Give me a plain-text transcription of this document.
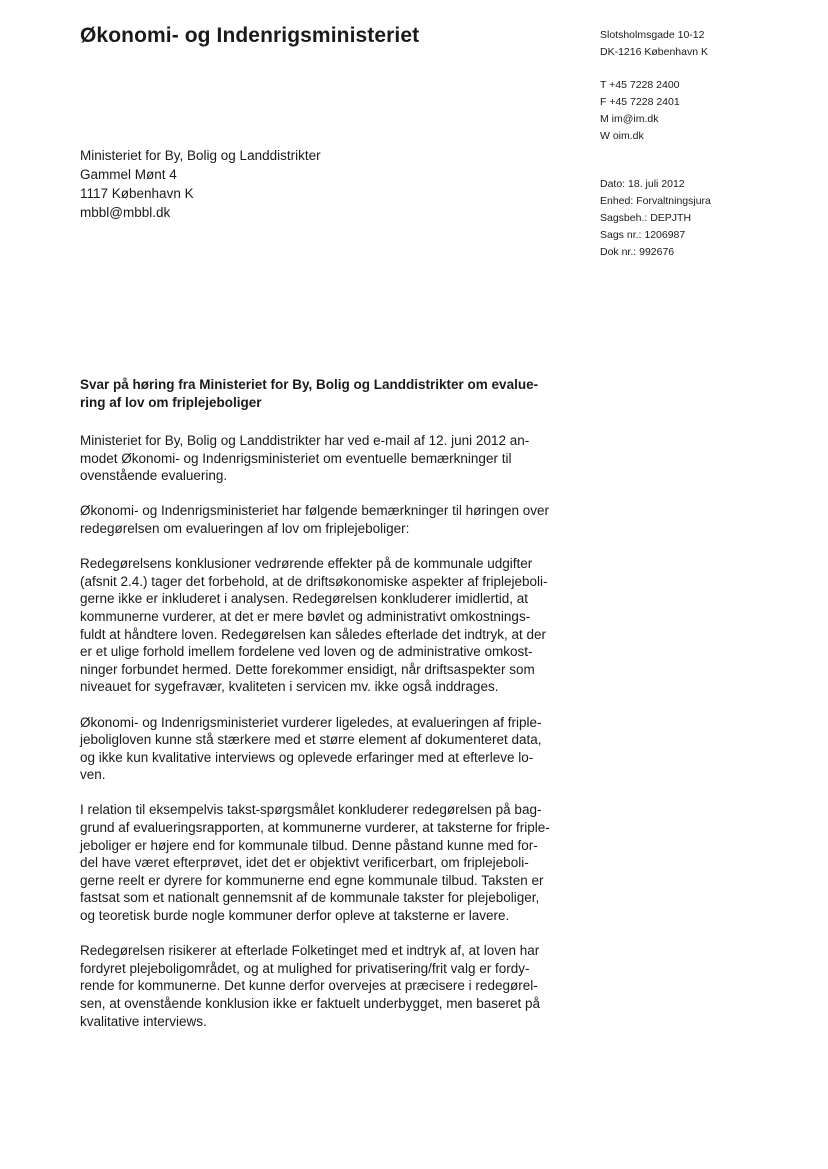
Økonomi- og Indenrigsministeriet	Slotsholmsgade 10-12
DK-1216 København K
T +45 7228 2400
F +45 7228 2401
M im@im.dk
W oim.dk
Dato: 18. juli 2012
Enhed: Forvaltningsjura
Sagsbeh.: DEPJTH
Sags nr.: 1206987
Dok nr.: 992676
Ministeriet for By, Bolig og Landdistrikter
Gammel Mønt 4
1117 København K
mbbl@mbbl.dk
Svar på høring fra Ministeriet for By, Bolig og Landdistrikter om evalue-
ring af lov om friplejeboliger
Ministeriet for By, Bolig og Landdistrikter har ved e-mail af 12. juni 2012 an-
modet Økonomi- og Indenrigsministeriet om eventuelle bemærkninger til
ovenstående evaluering.
Økonomi- og Indenrigsministeriet har følgende bemærkninger til høringen over
redegørelsen om evalueringen af lov om friplejeboliger:
Redegørelsens konklusioner vedrørende effekter på de kommunale udgifter
(afsnit 2.4.) tager det forbehold, at de driftsøkonomiske aspekter af friplejeboli-
gerne ikke er inkluderet i analysen. Redegørelsen konkluderer imidlertid, at
kommunerne vurderer, at det er mere bøvlet og administrativt omkostnings-
fuldt at håndtere loven. Redegørelsen kan således efterlade det indtryk, at der
er et ulige forhold imellem fordelene ved loven og de administrative omkost-
ninger forbundet hermed. Dette forekommer ensidigt, når driftsaspekter som
niveauet for sygefravær, kvaliteten i servicen mv. ikke også inddrages.
Økonomi- og Indenrigsministeriet vurderer ligeledes, at evalueringen af friple-
jeboligloven kunne stå stærkere med et større element af dokumenteret data,
og ikke kun kvalitative interviews og oplevede erfaringer med at efterleve lo-
ven.
I relation til eksempelvis takst-spørgsmålet konkluderer redegørelsen på bag-
grund af evalueringsrapporten, at kommunerne vurderer, at taksterne for friple-
jeboliger er højere end for kommunale tilbud. Denne påstand kunne med for-
del have været efterprøvet, idet det er objektivt verificerbart, om friplejeboli-
gerne reelt er dyrere for kommunerne end egne kommunale tilbud. Taksten er
fastsat som et nationalt gennemsnit af de kommunale takster for plejeboliger,
og teoretisk burde nogle kommuner derfor opleve at taksterne er lavere.
Redegørelsen risikerer at efterlade Folketinget med et indtryk af, at loven har
fordyret plejeboligområdet, og at mulighed for privatisering/frit valg er fordy-
rende for kommunerne. Det kunne derfor overvejes at præcisere i redegørel-
sen, at ovenstående konklusion ikke er faktuelt underbygget, men baseret på
kvalitative interviews.
